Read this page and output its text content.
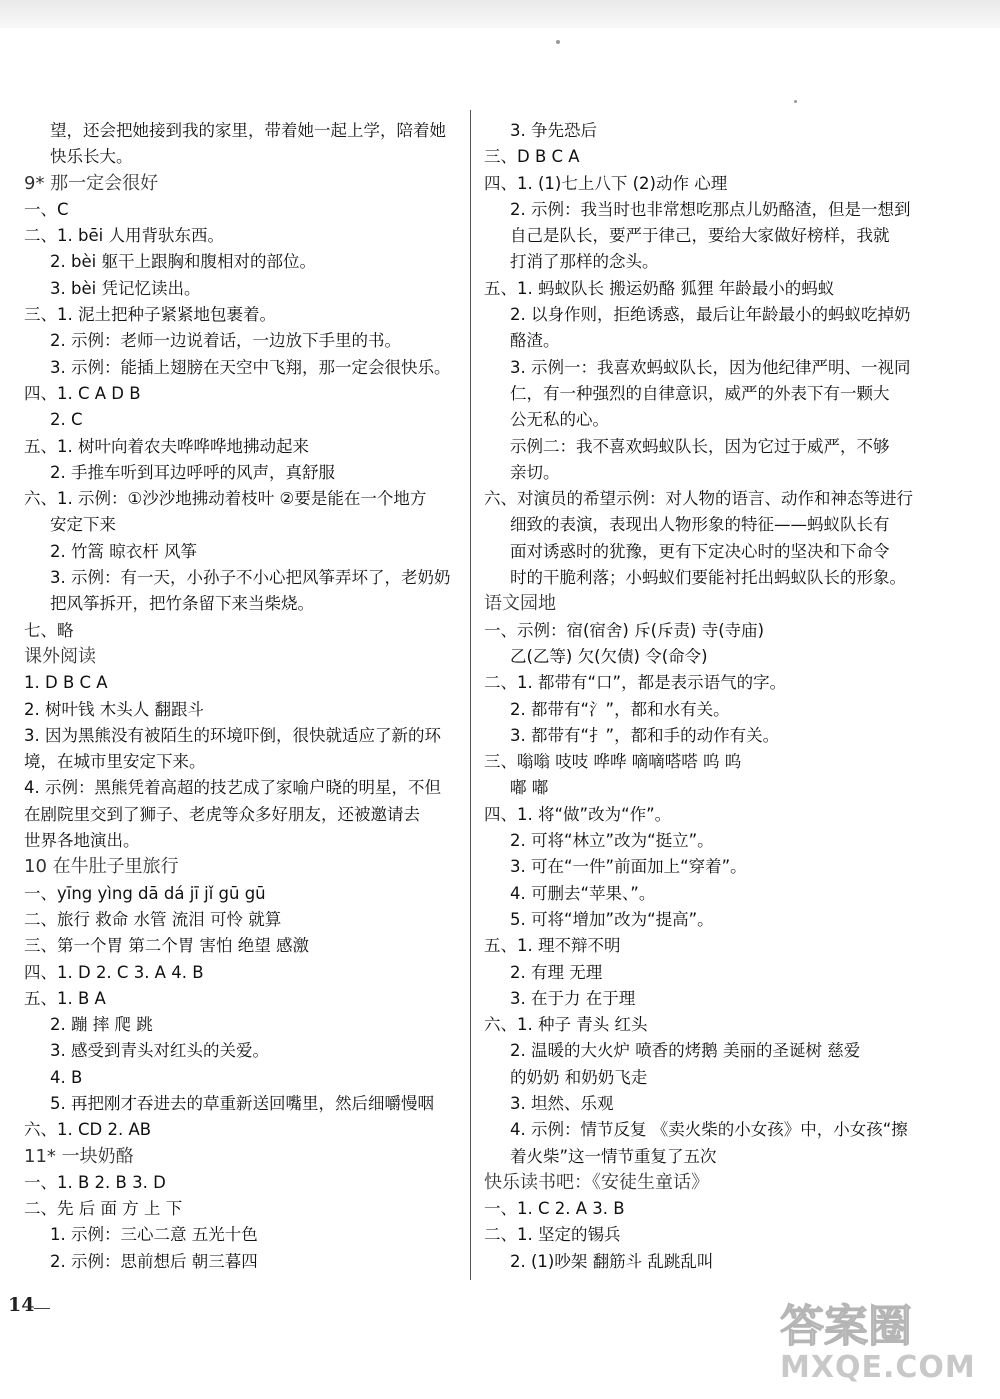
望，还会把她接到我的家里，带着她一起上学，陪着她
快乐长大。
9* 那一定会很好
一、C
二、1. bēi 人用背驮东西。
2. bèi 躯干上跟胸和腹相对的部位。
3. bèi 凭记忆读出。
三、1. 泥土把种子紧紧地包裹着。
2. 示例：老师一边说着话，一边放下手里的书。
3. 示例：能插上翅膀在天空中飞翔，那一定会很快乐。
四、1. C A D B
2. C
五、1. 树叶向着农夫哗哗哗地拂动起来
2. 手推车听到耳边呼呼的风声，真舒服
六、1. 示例：①沙沙地拂动着枝叶 ②要是能在一个地方
安定下来
2. 竹篙 晾衣杆 风筝
3. 示例：有一天，小孙子不小心把风筝弄坏了，老奶奶
把风筝拆开，把竹条留下来当柴烧。
七、略
课外阅读
1. D B C A
2. 树叶钱 木头人 翻跟斗
3. 因为黑熊没有被陌生的环境吓倒，很快就适应了新的环
境，在城市里安定下来。
4. 示例：黑熊凭着高超的技艺成了家喻户晓的明星，不但
在剧院里交到了狮子、老虎等众多好朋友，还被邀请去
世界各地演出。
10 在牛肚子里旅行
一、yīng yìng dā dá jī jǐ gū gū
二、旅行 救命 水管 流泪 可怜 就算
三、第一个胃 第二个胃 害怕 绝望 感激
四、1. D 2. C 3. A 4. B
五、1. B A
2. 蹦 摔 爬 跳
3. 感受到青头对红头的关爱。
4. B
5. 再把刚才吞进去的草重新送回嘴里，然后细嚼慢咽
六、1. CD 2. AB
11* 一块奶酪
一、1. B 2. B 3. D
二、先 后 面 方 上 下
1. 示例：三心二意 五光十色
2. 示例：思前想后 朝三暮四
3. 争先恐后
三、D B C A
四、1. (1)七上八下 (2)动作 心理
2. 示例：我当时也非常想吃那点儿奶酪渣，但是一想到
自己是队长，要严于律己，要给大家做好榜样，我就
打消了那样的念头。
五、1. 蚂蚁队长 搬运奶酪 狐狸 年龄最小的蚂蚁
2. 以身作则，拒绝诱惑，最后让年龄最小的蚂蚁吃掉奶
酪渣。
3. 示例一：我喜欢蚂蚁队长，因为他纪律严明、一视同
仁，有一种强烈的自律意识，威严的外表下有一颗大
公无私的心。
示例二：我不喜欢蚂蚁队长，因为它过于威严，不够
亲切。
六、对演员的希望示例：对人物的语言、动作和神态等进行
细致的表演，表现出人物形象的特征——蚂蚁队长有
面对诱惑时的犹豫，更有下定决心时的坚决和下命令
时的干脆利落；小蚂蚁们要能衬托出蚂蚁队长的形象。
语文园地
一、示例：宿(宿舍) 斥(斥责) 寺(寺庙)
乙(乙等) 欠(欠债) 令(命令)
二、1. 都带有“口”，都是表示语气的字。
2. 都带有“氵”，都和水有关。
3. 都带有“扌”，都和手的动作有关。
三、嗡嗡 吱吱 哗哗 嘀嘀嗒嗒 呜 呜
嘟 嘟
四、1. 将“做”改为“作”。
2. 可将“林立”改为“挺立”。
3. 可在“一件”前面加上“穿着”。
4. 可删去“苹果、”。
5. 可将“增加”改为“提高”。
五、1. 理不辩不明
2. 有理 无理
3. 在于力 在于理
六、1. 种子 青头 红头
2. 温暖的大火炉 喷香的烤鹅 美丽的圣诞树 慈爱
的奶奶 和奶奶飞走
3. 坦然、乐观
4. 示例：情节反复 《卖火柴的小女孩》中，小女孩“擦
着火柴”这一情节重复了五次
快乐读书吧：《安徒生童话》
一、1. C 2. A 3. B
二、1. 坚定的锡兵
2. (1)吵架 翻筋斗 乱跳乱叫
14	答案圈
MXQE.COM
